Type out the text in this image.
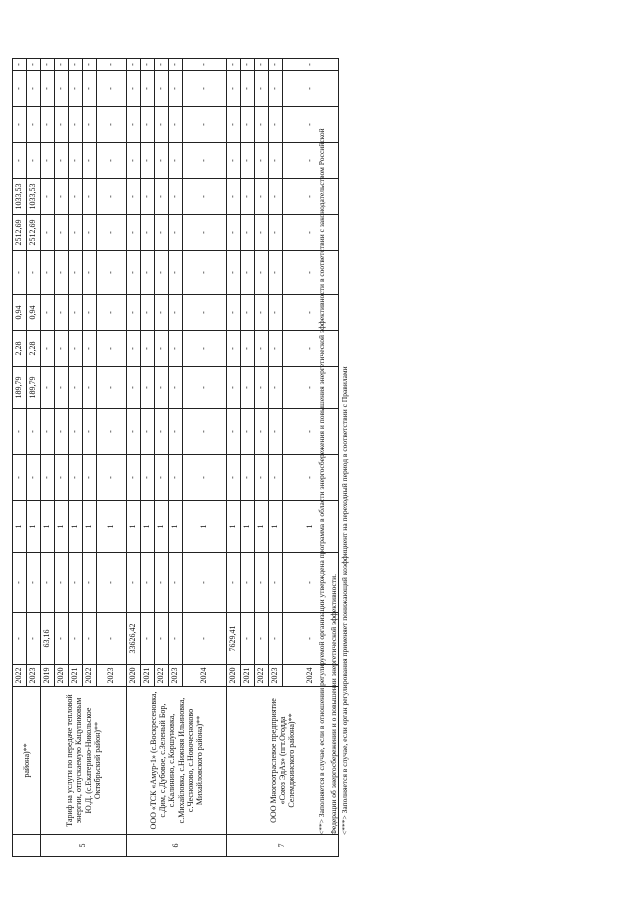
	района)**	2022	-	-	1	-	-	189,79	2,28	0,94	-	2512,69	1033,53	-	-	-	-
		2023	-	-	1	-	-	189,79	2,28	0,94	-	2512,69	1033,53	-	-	-	-
5	Тариф на услуги по передаче тепловой энергии, отпускаемую Кацупиковым Ю.Д. (с.Екатерино-Никольское Октябрьский район)**	2019	63,16	-	1	-	-	-	-	-	-	-	-	-	-	-	-
		2020	-	-	1	-	-	-	-	-	-	-	-	-	-	-	-
		2021	-	-	1	-	-	-	-	-	-	-	-	-	-	-	-
		2022	-	-	1	-	-	-	-	-	-	-	-	-	-	-	-
		2023	-	-	1	-	-	-	-	-	-	-	-	-	-	-	-
6	ООО «ТСК «Амур-1» (с.Воскресеновка, с.Дим, с.Дубовое, с.Зеленый Бор, с.Калинино, с.Коршуновка, с.Михайловка, с.Нижняя Ильиновка, с.Чесноково, с.Новочесноково Михайловского района)**	2020	33626,42	-	1	-	-	-	-	-	-	-	-	-	-	-	-
		2021	-	-	1	-	-	-	-	-	-	-	-	-	-	-	-
		2022	-	-	1	-	-	-	-	-	-	-	-	-	-	-	-
		2023	-	-	1	-	-	-	-	-	-	-	-	-	-	-	-
		2024	-	-	1	-	-	-	-	-	-	-	-	-	-	-	-
7	ООО Многоотраслевое предприятие «Союз ЭдАз» (пгт.Огодда Селемджинского района)**	2020	7629,41	-	1	-	-	-	-	-	-	-	-	-	-	-	-
		2021	-	-	1	-	-	-	-	-	-	-	-	-	-	-	-
		2022	-	-	1	-	-	-	-	-	-	-	-	-	-	-	-
		2023	-	-	1	-	-	-	-	-	-	-	-	-	-	-	-
		2024	-	-	1	-	-	-	-	-	-	-	-	-	-	-	-

<**> Заполняется в случае, если в отношении регулируемой организации утверждена программа в области энергосбережения и повышения энергетической эффективности в соответствии с законодательством Российской Федерации об энергосбережении и о повышении энергетической эффективности. <***> Заполняется в случае, если орган регулирования применяет понижающий коэффициент на переходный период в соответствии с Правилами
